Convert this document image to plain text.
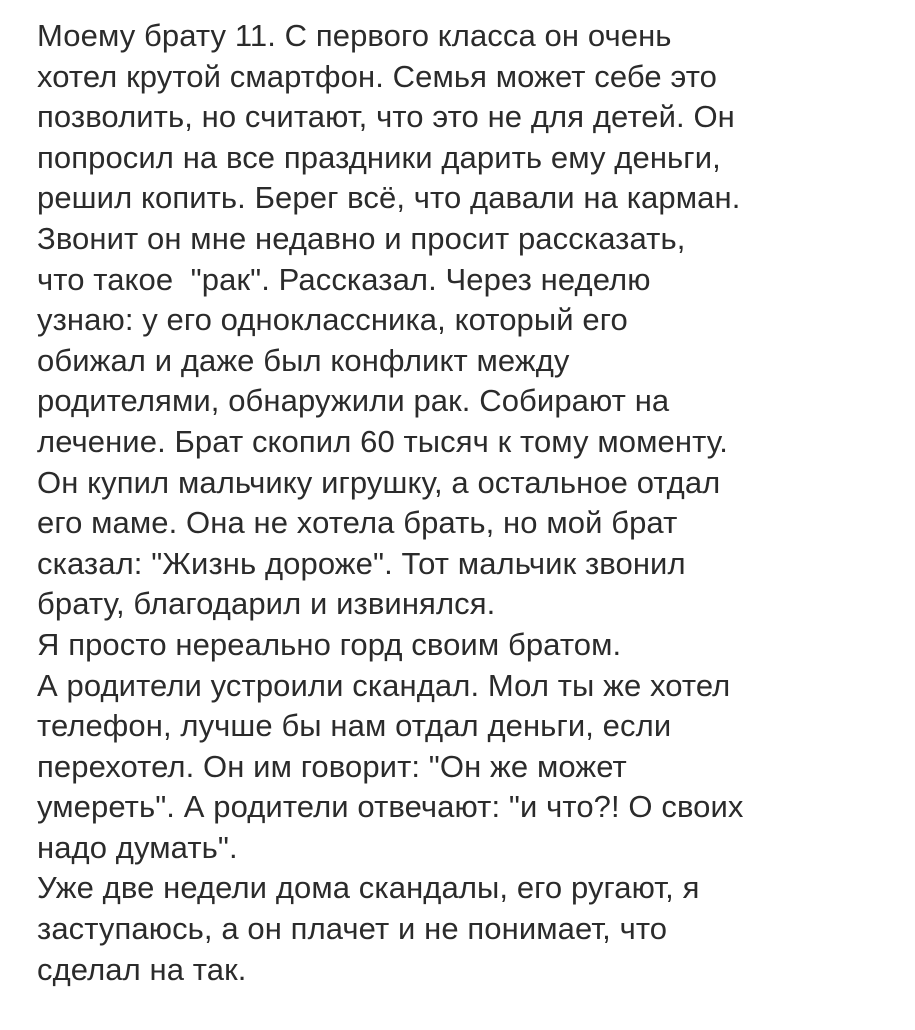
Моему брату 11. С первого класса он очень
хотел крутой смартфон. Семья может себе это
позволить, но считают, что это не для детей. Он
попросил на все праздники дарить ему деньги,
решил копить. Берег всё, что давали на карман.
Звонит он мне недавно и просит рассказать,
что такое  "рак". Рассказал. Через неделю
узнаю: у его одноклассника, который его
обижал и даже был конфликт между
родителями, обнаружили рак. Собирают на
лечение. Брат скопил 60 тысяч к тому моменту.
Он купил мальчику игрушку, а остальное отдал
его маме. Она не хотела брать, но мой брат
сказал: "Жизнь дороже". Тот мальчик звонил
брату, благодарил и извинялся.
Я просто нереально горд своим братом.
А родители устроили скандал. Мол ты же хотел
телефон, лучше бы нам отдал деньги, если
перехотел. Он им говорит: "Он же может
умереть". А родители отвечают: "и что?! О своих
надо думать".
Уже две недели дома скандалы, его ругают, я
заступаюсь, а он плачет и не понимает, что
сделал на так.
